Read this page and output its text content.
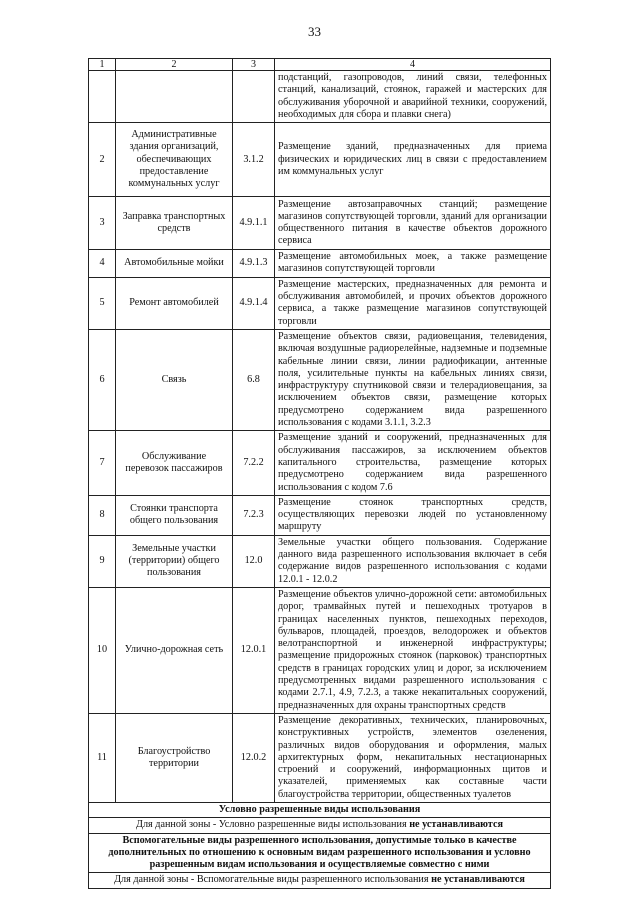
33
1	2	3	4
			подстанций, газопроводов, линий связи, телефонных станций, канализаций, стоянок, гаражей и мастерских для обслуживания уборочной и аварийной техники, сооружений, необходимых для сбора и плавки снега)
2	Административные здания организаций, обеспечивающих предоставление коммунальных услуг	3.1.2	Размещение зданий, предназначенных для приема физических и юридических лиц в связи с предоставлением им коммунальных услуг
3	Заправка транспортных средств	4.9.1.1	Размещение автозаправочных станций; размещение магазинов сопутствующей торговли, зданий для организации общественного питания в качестве объектов дорожного сервиса
4	Автомобильные мойки	4.9.1.3	Размещение автомобильных моек, а также размещение магазинов сопутствующей торговли
5	Ремонт автомобилей	4.9.1.4	Размещение мастерских, предназначенных для ремонта и обслуживания автомобилей, и прочих объектов дорожного сервиса, а также размещение магазинов сопутствующей торговли
6	Связь	6.8	Размещение объектов связи, радиовещания, телевидения, включая воздушные радиорелейные, надземные и подземные кабельные линии связи, линии радиофикации, антенные поля, усилительные пункты на кабельных линиях связи, инфраструктуру спутниковой связи и телерадиовещания, за исключением объектов связи, размещение которых предусмотрено содержанием вида разрешенного использования с кодами 3.1.1, 3.2.3
7	Обслуживание перевозок пассажиров	7.2.2	Размещение зданий и сооружений, предназначенных для обслуживания пассажиров, за исключением объектов капитального строительства, размещение которых предусмотрено содержанием вида разрешенного использования с кодом 7.6
8	Стоянки транспорта общего пользования	7.2.3	Размещение стоянок транспортных средств, осуществляющих перевозки людей по установленному маршруту
9	Земельные участки (территории) общего пользования	12.0	Земельные участки общего пользования. Содержание данного вида разрешенного использования включает в себя содержание видов разрешенного использования с кодами 12.0.1 - 12.0.2
10	Улично-дорожная сеть	12.0.1	Размещение объектов улично-дорожной сети: автомобильных дорог, трамвайных путей и пешеходных тротуаров в границах населенных пунктов, пешеходных переходов, бульваров, площадей, проездов, велодорожек и объектов велотранспортной и инженерной инфраструктуры; размещение придорожных стоянок (парковок) транспортных средств в границах городских улиц и дорог, за исключением предусмотренных видами разрешенного использования с кодами 2.7.1, 4.9, 7.2.3, а также некапитальных сооружений, предназначенных для охраны транспортных средств
11	Благоустройство территории	12.0.2	Размещение декоративных, технических, планировочных, конструктивных устройств, элементов озеленения, различных видов оборудования и оформления, малых архитектурных форм, некапитальных нестационарных строений и сооружений, информационных щитов и указателей, применяемых как составные части благоустройства территории, общественных туалетов
Условно разрешенные виды использования			
Для данной зоны - Условно разрешенные виды использования не устанавливаются			
Вспомогательные виды разрешенного использования, допустимые только в качестве дополнительных по отношению к основным видам разрешенного использования и условно разрешенным видам использования и осуществляемые совместно с ними			
Для данной зоны - Вспомогательные виды разрешенного использования не устанавливаются			
